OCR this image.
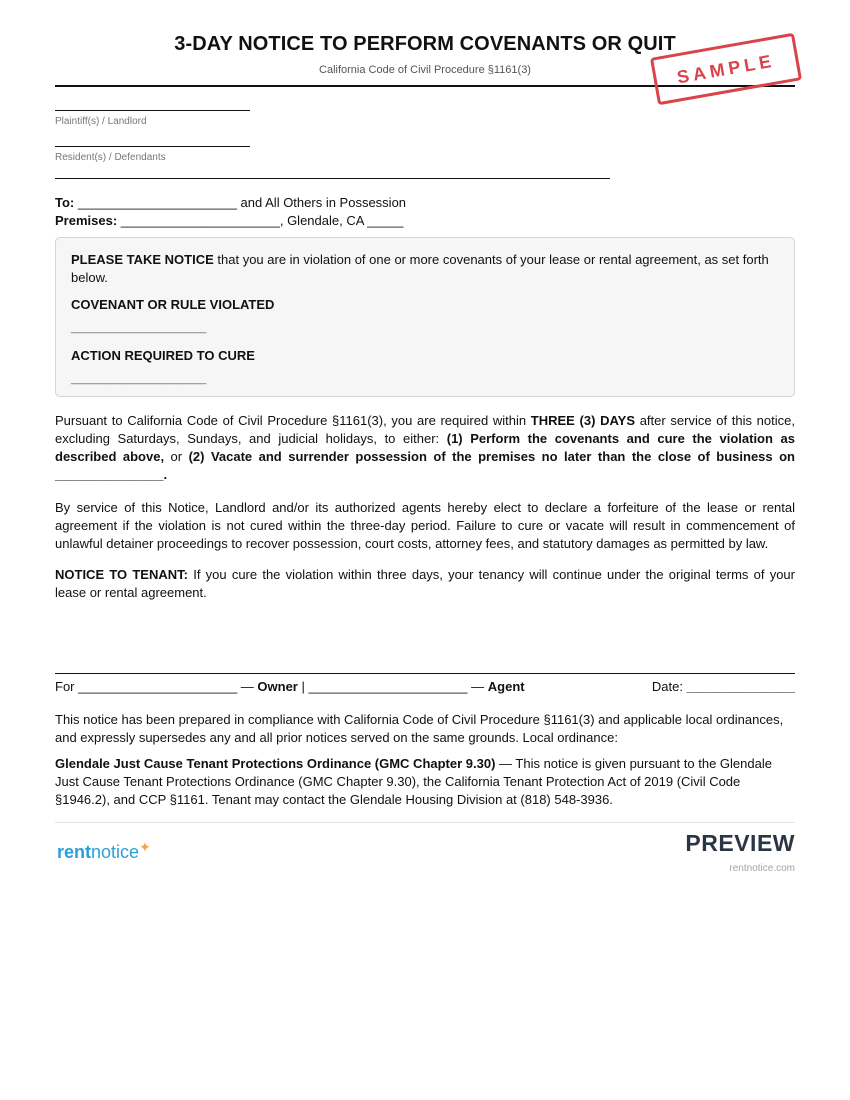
3-DAY NOTICE TO PERFORM COVENANTS OR QUIT
California Code of Civil Procedure §1161(3)	SAMPLE
Plaintiff(s) / Landlord
Resident(s) / Defendants
To: ______________________ and All Others in Possession
Premises: ______________________, Glendale, CA _____
PLEASE TAKE NOTICE that you are in violation of one or more covenants of your lease or rental agreement, as set forth below.
COVENANT OR RULE VIOLATED
________________________
ACTION REQUIRED TO CURE
________________________
Pursuant to California Code of Civil Procedure §1161(3), you are required within THREE (3) DAYS after service of this notice, excluding Saturdays, Sundays, and judicial holidays, to either: (1) Perform the covenants and cure the violation as described above, or (2) Vacate and surrender possession of the premises no later than the close of business on _______________.
By service of this Notice, Landlord and/or its authorized agents hereby elect to declare a forfeiture of the lease or rental agreement if the violation is not cured within the three-day period. Failure to cure or vacate will result in commencement of unlawful detainer proceedings to recover possession, court costs, attorney fees, and statutory damages as permitted by law.
NOTICE TO TENANT: If you cure the violation within three days, your tenancy will continue under the original terms of your lease or rental agreement.
For ______________________ — Owner | ______________________ — Agent	Date: _______________
This notice has been prepared in compliance with California Code of Civil Procedure §1161(3) and applicable local ordinances, and expressly supersedes any and all prior notices served on the same grounds. Local ordinance:
Glendale Just Cause Tenant Protections Ordinance (GMC Chapter 9.30) — This notice is given pursuant to the Glendale Just Cause Tenant Protections Ordinance (GMC Chapter 9.30), the California Tenant Protection Act of 2019 (Civil Code §1946.2), and CCP §1161. Tenant may contact the Glendale Housing Division at (818) 548-3936.
rentnotice✦	PREVIEW
rentnotice.com
